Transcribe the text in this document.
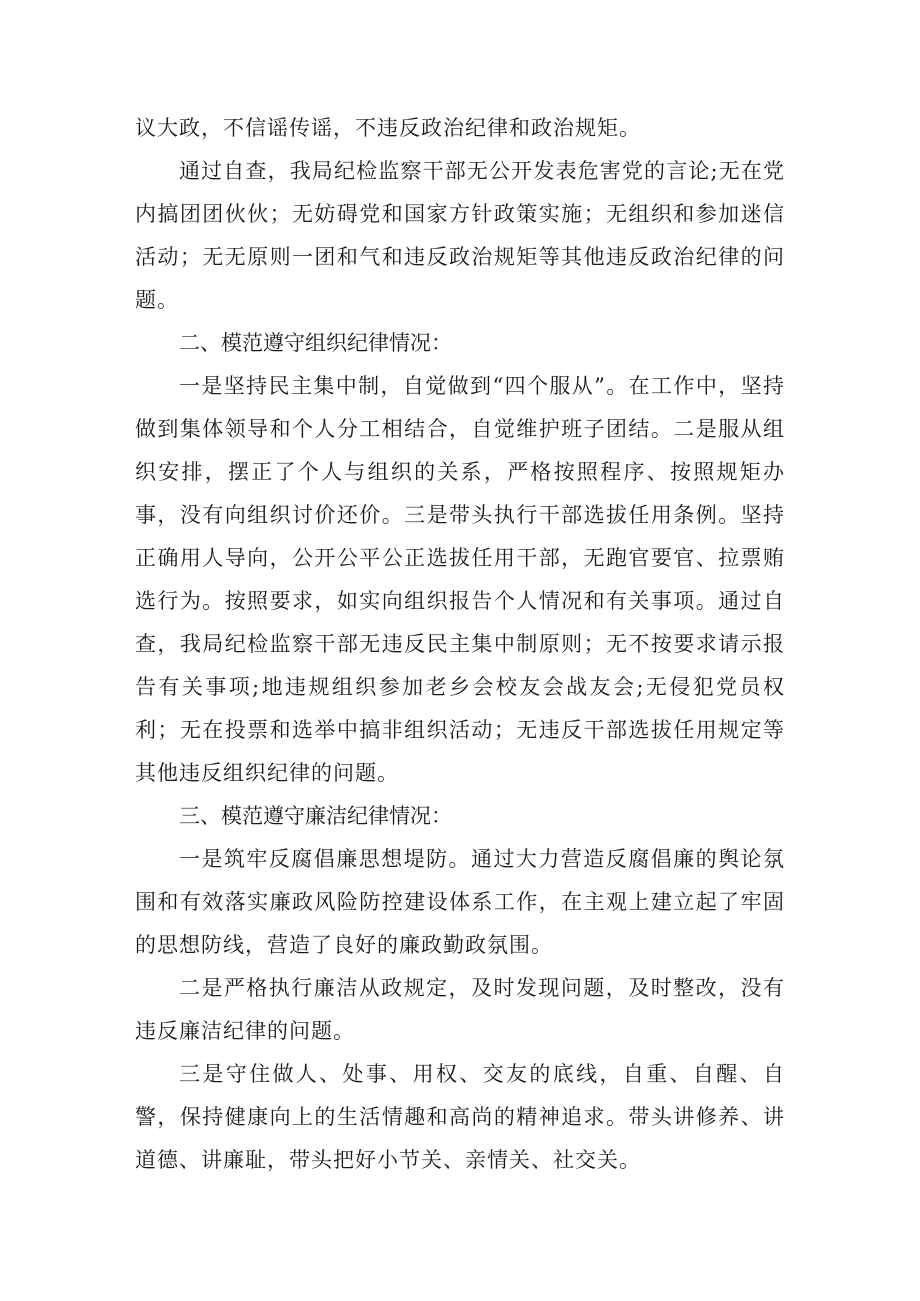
议大政，不信谣传谣，不违反政治纪律和政治规矩。

通过自查，我局纪检监察干部无公开发表危害党的言论;无在党内搞团团伙伙；无妨碍党和国家方针政策实施；无组织和参加迷信活动；无无原则一团和气和违反政治规矩等其他违反政治纪律的问题。

二、模范遵守组织纪律情况：

一是坚持民主集中制，自觉做到“四个服从”。在工作中，坚持做到集体领导和个人分工相结合，自觉维护班子团结。二是服从组织安排，摆正了个人与组织的关系，严格按照程序、按照规矩办事，没有向组织讨价还价。三是带头执行干部选拔任用条例。坚持正确用人导向，公开公平公正选拔任用干部，无跑官要官、拉票贿选行为。按照要求，如实向组织报告个人情况和有关事项。通过自查，我局纪检监察干部无违反民主集中制原则；无不按要求请示报告有关事项;地违规组织参加老乡会校友会战友会;无侵犯党员权利；无在投票和选举中搞非组织活动；无违反干部选拔任用规定等其他违反组织纪律的问题。

三、模范遵守廉洁纪律情况：

一是筑牢反腐倡廉思想堤防。通过大力营造反腐倡廉的舆论氛围和有效落实廉政风险防控建设体系工作，在主观上建立起了牢固的思想防线，营造了良好的廉政勤政氛围。

二是严格执行廉洁从政规定，及时发现问题，及时整改，没有违反廉洁纪律的问题。

三是守住做人、处事、用权、交友的底线，自重、自醒、自警，保持健康向上的生活情趣和高尚的精神追求。带头讲修养、讲道德、讲廉耻，带头把好小节关、亲情关、社交关。
